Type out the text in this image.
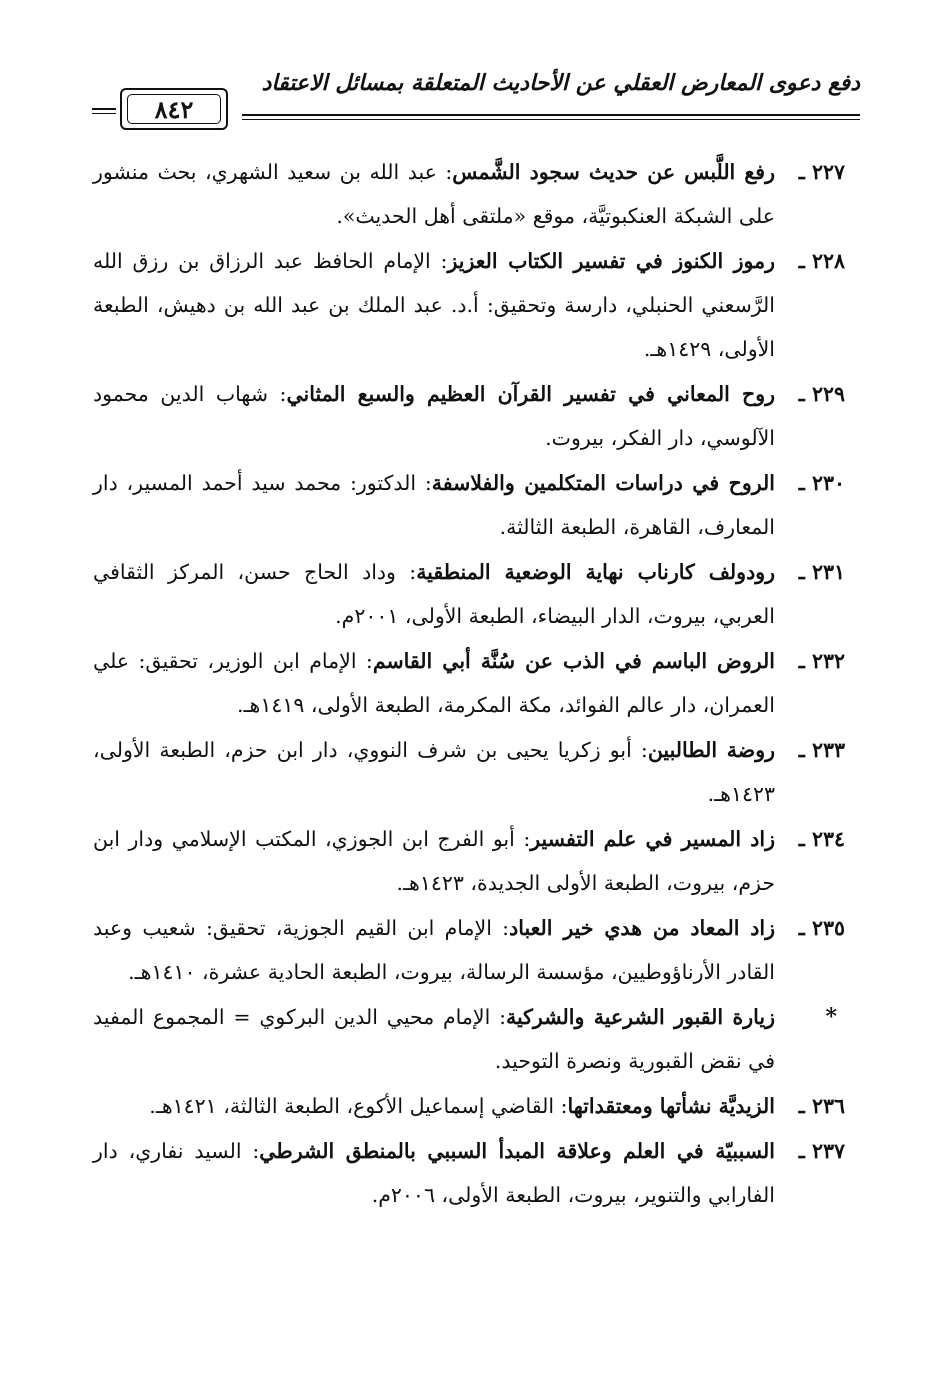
دفع دعوى المعارض العقلي عن الأحاديث المتعلقة بمسائل الاعتقاد
٨٤٢
٢٢٧ ـ
رفع اللَّبس عن حديث سجود الشَّمس: عبد الله بن سعيد الشهري، بحث منشور على الشبكة العنكبوتيَّة، موقع «ملتقى أهل الحديث».
٢٢٨ ـ
رموز الكنوز في تفسير الكتاب العزيز: الإمام الحافظ عبد الرزاق بن رزق الله الرَّسعني الحنبلي، دارسة وتحقيق: أ.د. عبد الملك بن عبد الله بن دهيش، الطبعة الأولى، ١٤٢٩هـ.
٢٢٩ ـ
روح المعاني في تفسير القرآن العظيم والسبع المثاني: شهاب الدين محمود الآلوسي، دار الفكر، بيروت.
٢٣٠ ـ
الروح في دراسات المتكلمين والفلاسفة: الدكتور: محمد سيد أحمد المسير، دار المعارف، القاهرة، الطبعة الثالثة.
٢٣١ ـ
رودولف كارناب نهاية الوضعية المنطقية: وداد الحاج حسن، المركز الثقافي العربي، بيروت، الدار البيضاء، الطبعة الأولى، ٢٠٠١م.
٢٣٢ ـ
الروض الباسم في الذب عن سُنَّة أبي القاسم: الإمام ابن الوزير، تحقيق: علي العمران، دار عالم الفوائد، مكة المكرمة، الطبعة الأولى، ١٤١٩هـ.
٢٣٣ ـ
روضة الطالبين: أبو زكريا يحيى بن شرف النووي، دار ابن حزم، الطبعة الأولى، ١٤٢٣هـ.
٢٣٤ ـ
زاد المسير في علم التفسير: أبو الفرج ابن الجوزي، المكتب الإسلامي ودار ابن حزم، بيروت، الطبعة الأولى الجديدة، ١٤٢٣هـ.
٢٣٥ ـ
زاد المعاد من هدي خير العباد: الإمام ابن القيم الجوزية، تحقيق: شعيب وعبد القادر الأرناؤوطيين، مؤسسة الرسالة، بيروت، الطبعة الحادية عشرة، ١٤١٠هـ.
*
زيارة القبور الشرعية والشركية: الإمام محيي الدين البركوي = المجموع المفيد في نقض القبورية ونصرة التوحيد.
٢٣٦ ـ
الزيديَّة نشأتها ومعتقداتها: القاضي إسماعيل الأكوع، الطبعة الثالثة، ١٤٢١هـ.
٢٣٧ ـ
السببيّة في العلم وعلاقة المبدأ السببي بالمنطق الشرطي: السيد نفاري، دار الفارابي والتنوير، بيروت، الطبعة الأولى، ٢٠٠٦م.
